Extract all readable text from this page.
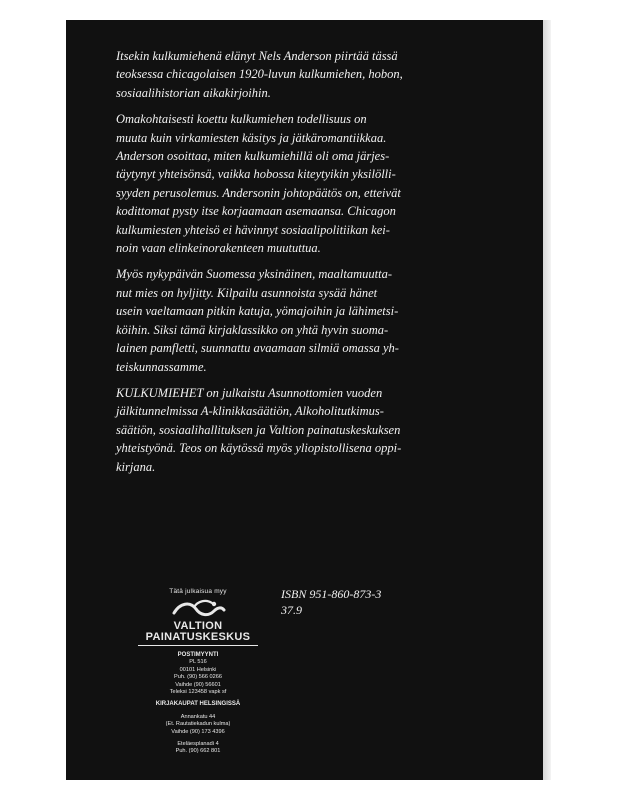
Itsekin kulkumiehenä elänyt Nels Anderson piirtää tässä
teoksessa chicagolaisen 1920-luvun kulkumiehen, hobon,
sosiaalihistorian aikakirjoihin.

Omakohtaisesti koettu kulkumiehen todellisuus on
muuta kuin virkamiesten käsitys ja jätkäromantiikkaa.
Anderson osoittaa, miten kulkumiehillä oli oma järjes-
täytynyt yhteisönsä, vaikka hobossa kiteytyikin yksilölli-
syyden perusolemus. Andersonin johtopäätös on, etteivät
kodittomat pysty itse korjaamaan asemaansa. Chicagon
kulkumiesten yhteisö ei hävinnyt sosiaalipolitiikan kei-
noin vaan elinkeinorakenteen muututtua.

Myös nykypäivän Suomessa yksinäinen, maaltamuutta-
nut mies on hyljitty. Kilpailu asunnoista sysää hänet
usein vaeltamaan pitkin katuja, yömajoihin ja lähimetsi-
köihin. Siksi tämä kirjaklassikko on yhtä hyvin suoma-
lainen pamfletti, suunnattu avaamaan silmiä omassa yh-
teiskunnassamme.

KULKUMIEHET on julkaistu Asunnottomien vuoden
jälkitunnelmissa A-klinikkasäätiön, Alkoholitutkimus-
säätiön, sosiaalihallituksen ja Valtion painatuskeskuksen
yhteistyönä. Teos on käytössä myös yliopistollisena oppi-
kirjana.

Tätä julkaisua myy
VALTION
PAINATUSKESKUS
POSTIMYYNTI
PL 516
00101 Helsinki
Puh. (90) 566 0266
Vaihde (90) 56601
Teleksi 123458 vapk sf
KIRJAKAUPAT HELSINGISSÄ
Annankatu 44
(Et. Rautatiekadun kulma)
Vaihde (90) 173 4396
Eteläesplanadi 4
Puh. (90) 662 801
ISBN 951-860-873-3
37.9
